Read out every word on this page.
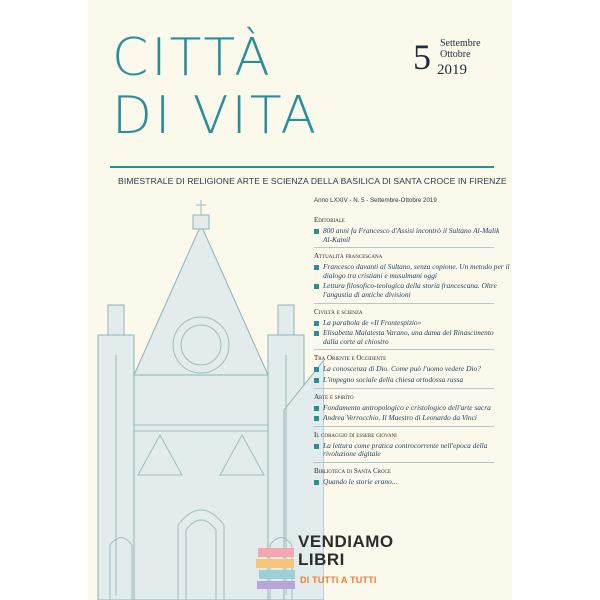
CITTÀ
DI VITA
5 Settembre Ottobre
2019
BIMESTRALE DI RELIGIONE ARTE E SCIENZA DELLA BASILICA DI SANTA CROCE IN FIRENZE
Anno LXXIV - N. 5 - Settembre-Ottobre 2019
Editoriale
800 anni fa Francesco d'Assisi incontrò il Sultano Al-Malik Al-Kamil
Attualità francescana
Francesco davanti al Sultano, senza copione. Un metodo per il dialogo tra cristiani e musulmani oggi
Lettura filosofico-teologica della storia francescana. Oltre l'angustia di antiche divisioni
Civiltà e scienza
La parabola de «Il Frontespizio»
Elisabetta Malatesta Varano, una dama del Rinascimento dalla corte al chiostro
Tra Oriente e Occidente
La conoscenza di Dio. Come può l'uomo vedere Dio?
L'impegno sociale della chiesa ortodossa russa
Arte e spirito
Fondamento antropologico e cristologico dell'arte sacra
Andrea Verrocchio. Il Maestro di Leonardo da Vinci
Il coraggio di essere giovani
La lettura come pratica controcorrente nell'epoca della rivoluzione digitale
Biblioteca di Santa Croce
Quando le storie erano...
VENDIAMO
LIBRI
DI TUTTI A TUTTI
